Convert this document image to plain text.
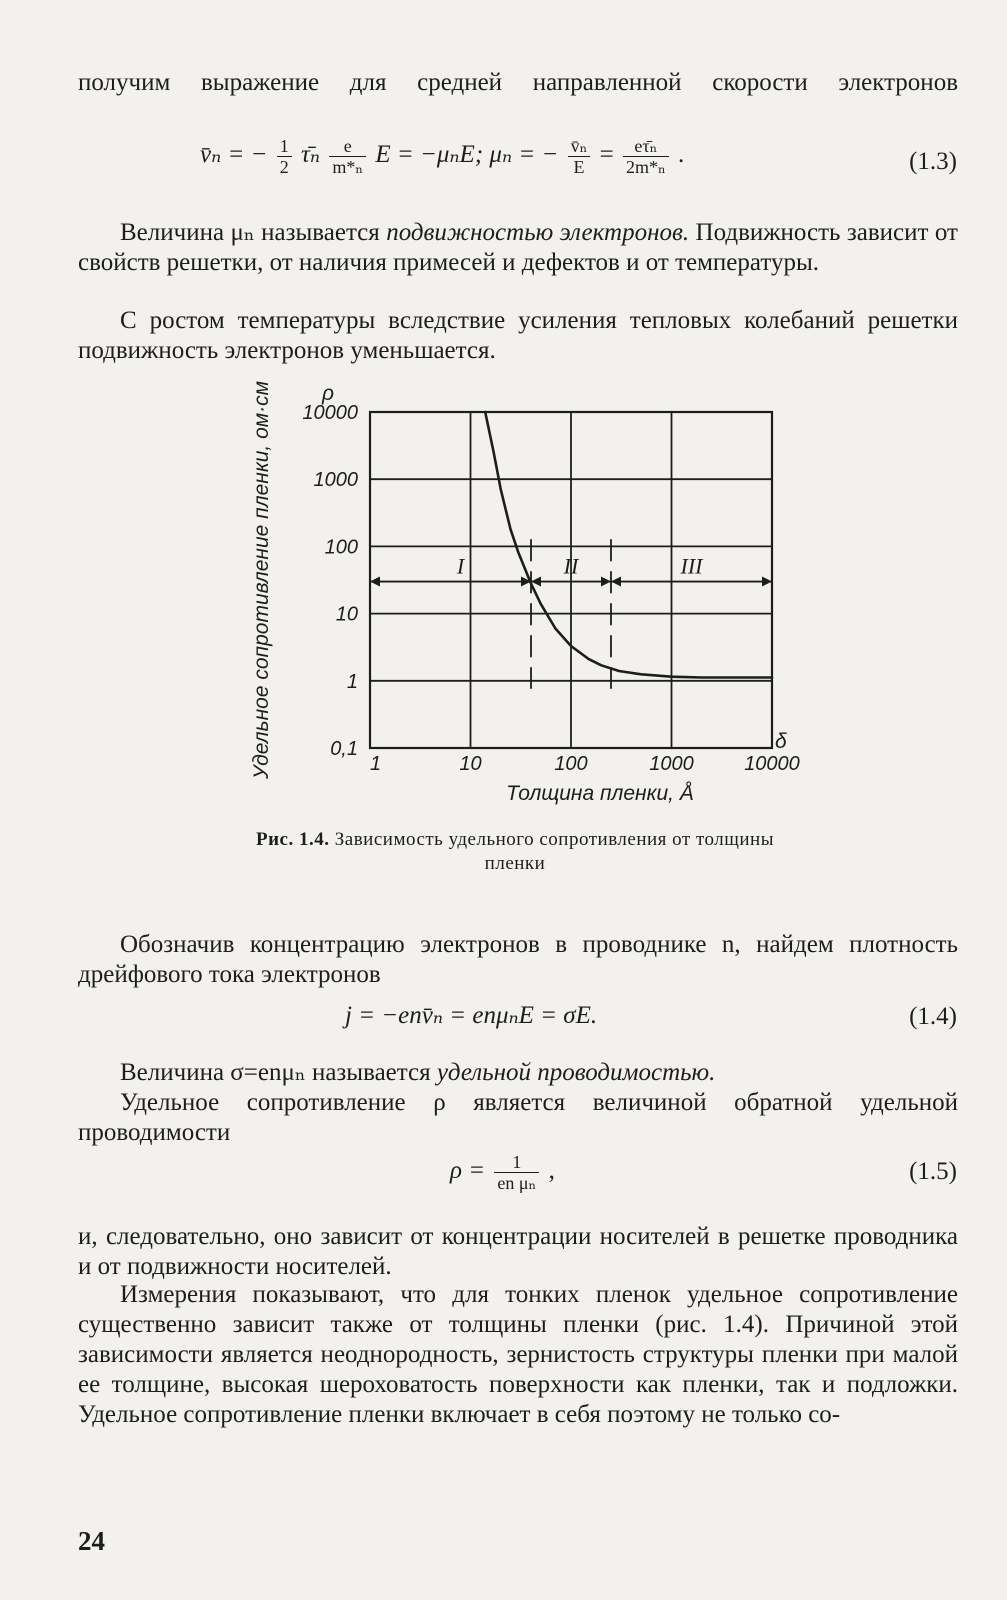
получим выражение для средней направленной скорости электронов
v̄ₙ = − $\frac{1}{2}$ τ̄ₙ $\frac{e}{\text{m*ₙ}}$ E = −μₙE; μₙ = − $\frac{\text{v̄ₙ}}{E} = \frac{\text{eτ̄ₙ}}{\text{2m*ₙ}}$ .	(1.3)
Величина μₙ называется подвижностью электронов. Подвижность зависит от свойств решетки, от наличия примесей и дефектов и от температуры.
С ростом температуры вследствие усиления тепловых колебаний решетки подвижность электронов уменьшается.
I	II	III
1	10	100	1000	10000
0,1
1
10
100
1000
10000
ρ
δ
Толщина пленки, Å
Удельное сопротивление пленки, ом·см
Рис. 1.4. Зависимость удельного сопротивления от толщины пленки
Обозначив концентрацию электронов в проводнике n, найдем плотность дрейфового тока электронов
j = −env̄ₙ = enμₙE = σE.	(1.4)
Величина σ=enμₙ называется удельной проводимостью.
Удельное сопротивление ρ является величиной обратной удельной проводимости
$\rho = \frac{1}{\text{en μₙ}}$ ,	(1.5)
и, следовательно, оно зависит от концентрации носителей в решетке проводника и от подвижности носителей.
Измерения показывают, что для тонких пленок удельное сопротивление существенно зависит также от толщины пленки (рис. 1.4). Причиной этой зависимости является неоднородность, зернистость структуры пленки при малой ее толщине, высокая шероховатость поверхности как пленки, так и подложки. Удельное сопротивление пленки включает в себя поэтому не только со-
24
